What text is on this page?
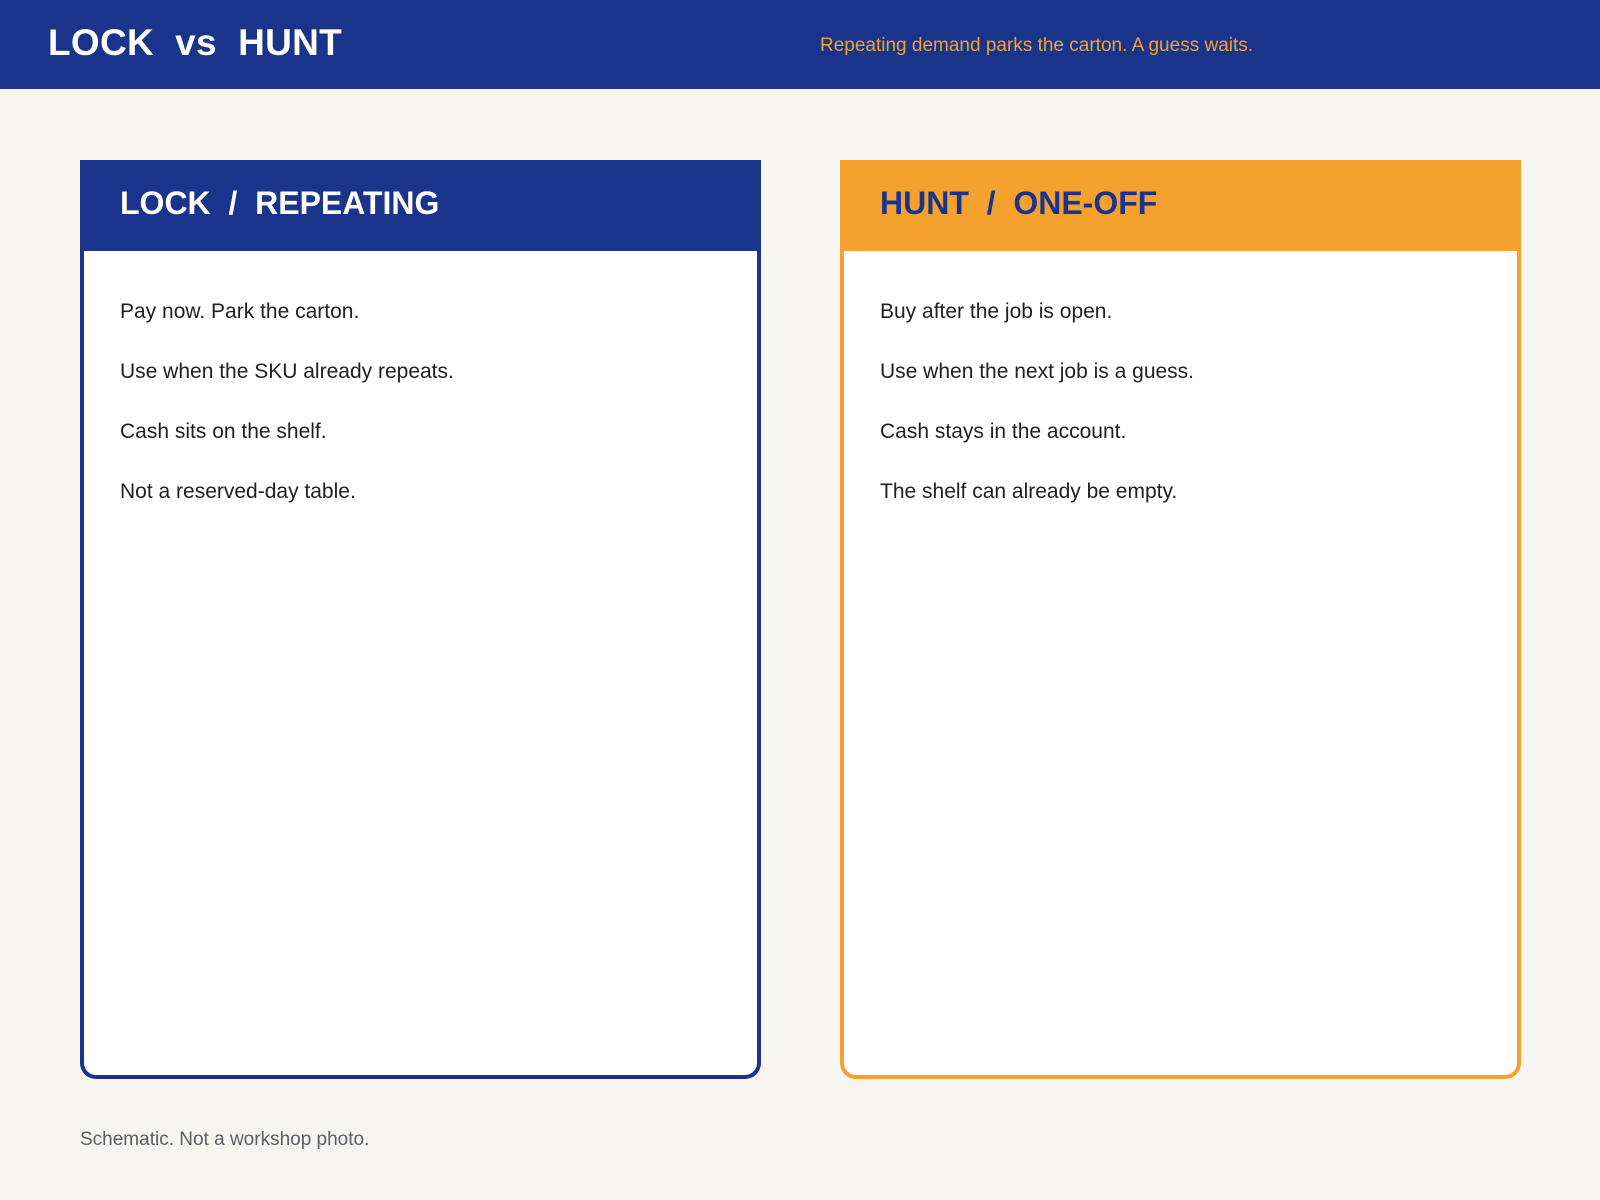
LOCK  vs  HUNT	Repeating demand parks the carton. A guess waits.
LOCK  /  REPEATING
Pay now. Park the carton.
Use when the SKU already repeats.
Cash sits on the shelf.
Not a reserved-day table.
HUNT  /  ONE-OFF
Buy after the job is open.
Use when the next job is a guess.
Cash stays in the account.
The shelf can already be empty.
Schematic. Not a workshop photo.
